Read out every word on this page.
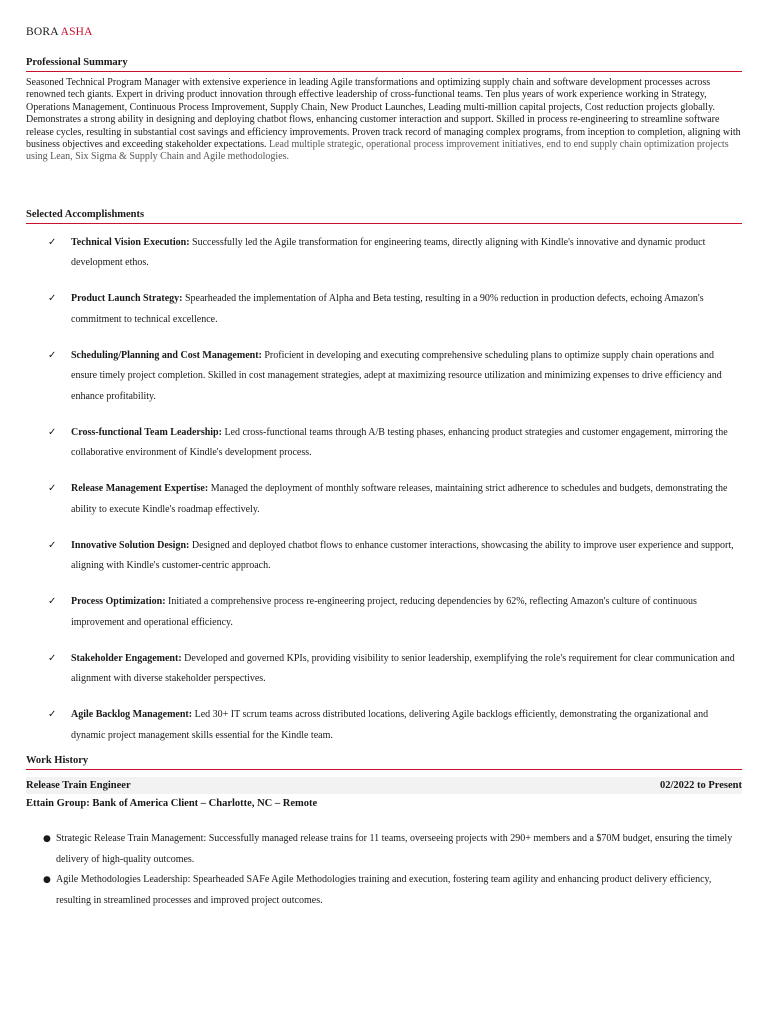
BORA ASHA

Professional Summary

Seasoned Technical Program Manager with extensive experience in leading Agile transformations and optimizing supply chain and software development processes across renowned tech giants. Expert in driving product innovation through effective leadership of cross-functional teams. Ten plus years of work experience working in Strategy, Operations Management, Continuous Process Improvement, Supply Chain, New Product Launches, Leading multi-million capital projects, Cost reduction projects globally. Demonstrates a strong ability in designing and deploying chatbot flows, enhancing customer interaction and support. Skilled in process re-engineering to streamline software release cycles, resulting in substantial cost savings and efficiency improvements. Proven track record of managing complex programs, from inception to completion, aligning with business objectives and exceeding stakeholder expectations. Lead multiple strategic, operational process improvement initiatives, end to end supply chain optimization projects using Lean, Six Sigma & Supply Chain and Agile methodologies.

Selected Accomplishments
✓ Technical Vision Execution: Successfully led the Agile transformation for engineering teams, directly aligning with Kindle's innovative and dynamic product development ethos.
✓ Product Launch Strategy: Spearheaded the implementation of Alpha and Beta testing, resulting in a 90% reduction in production defects, echoing Amazon's commitment to technical excellence.
✓ Scheduling/Planning and Cost Management: Proficient in developing and executing comprehensive scheduling plans to optimize supply chain operations and ensure timely project completion. Skilled in cost management strategies, adept at maximizing resource utilization and minimizing expenses to drive efficiency and enhance profitability.
✓ Cross-functional Team Leadership: Led cross-functional teams through A/B testing phases, enhancing product strategies and customer engagement, mirroring the collaborative environment of Kindle's development process.
✓ Release Management Expertise: Managed the deployment of monthly software releases, maintaining strict adherence to schedules and budgets, demonstrating the ability to execute Kindle's roadmap effectively.
✓ Innovative Solution Design: Designed and deployed chatbot flows to enhance customer interactions, showcasing the ability to improve user experience and support, aligning with Kindle's customer-centric approach.
✓ Process Optimization: Initiated a comprehensive process re-engineering project, reducing dependencies by 62%, reflecting Amazon's culture of continuous improvement and operational efficiency.
✓ Stakeholder Engagement: Developed and governed KPIs, providing visibility to senior leadership, exemplifying the role's requirement for clear communication and alignment with diverse stakeholder perspectives.
✓ Agile Backlog Management: Led 30+ IT scrum teams across distributed locations, delivering Agile backlogs efficiently, demonstrating the organizational and dynamic project management skills essential for the Kindle team.
Work History
Release Train Engineer	02/2022 to Present
Ettain Group: Bank of America Client – Charlotte, NC – Remote
● Strategic Release Train Management: Successfully managed release trains for 11 teams, overseeing projects with 290+ members and a $70M budget, ensuring the timely delivery of high-quality outcomes.
● Agile Methodologies Leadership: Spearheaded SAFe Agile Methodologies training and execution, fostering team agility and enhancing product delivery efficiency, resulting in streamlined processes and improved project outcomes.
